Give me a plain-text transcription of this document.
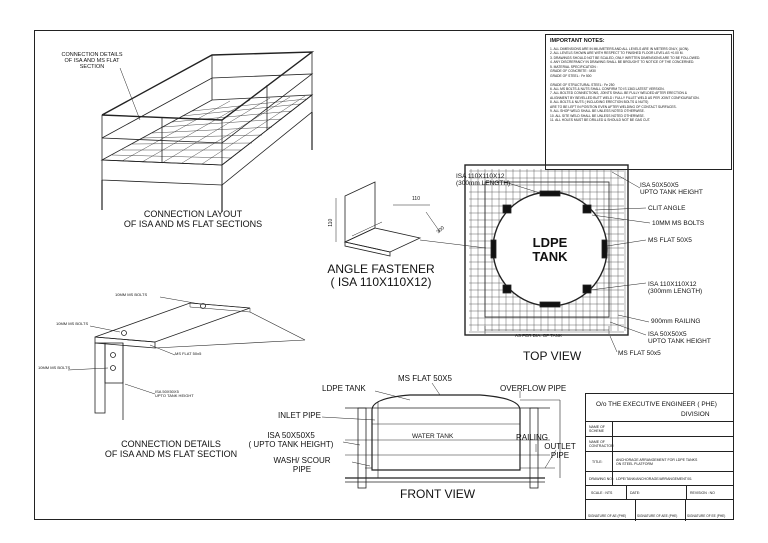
CONNECTION DETAILS
OF ISA AND MS FLAT SECTION
CONNECTION LAYOUT
OF ISA AND MS FLAT SECTIONS
110
110
300
ANGLE FASTENER
( ISA 110X110X12)
10MM MS BOLTS
10MM MS BOLTS
10MM MS BOLTS
MS FLAT 50x5
ISA 50X50X5
UPTO TANK HEIGHT
CONNECTION DETAILS
OF ISA AND MS FLAT SECTION
IMPORTANT NOTES:
1. ALL DIMENSIONS ARE IN MILIMETERS AND ALL LEVELS ARE IN METERS ONLY, (UON).
2. ALL LEVELS SHOWN ARE WITH RESPECT TO FINISHED FLOOR LEVEL AS +0.00 M.
3. DRAWINGS SHOULD NOT BE SCALED, ONLY WRITTEN DIMENSIONS ARE TO BE FOLLOWED.
4. ANY DISCREPANCY IN DRAWING SHALL BE BROUGHT TO NOTICE OF THE CONCERNED.
5. MATERIAL SPECIFICATION :
GRADE OF CONCRETE : M30
GRADE OF STEEL : Fe 500

GRADE OF STRUCTURAL STEEL : Fe 250
6. ALL MS BOLTS & NUTS SHALL CONFIRM TO IS 1363 LATEST VERSION.
7. ALL BOLTED CONNECTIONS, JOINTS SHALL BE FULLY WELDED AFTER ERECTION &
ALIGNMENT BY BEVELLED BUTT WELD / FULLY FILLET WELD AS PER JOINT CONFIGURATION.
8. ALL BOLTS & NUTS ( INCLUDING ERECTION BOLTS & NUTS)
ARE TO BE LEFT IN POSITION EVEN AFTER WELDING OF CONTACT SURFACES.
9. ALL SHOP WELD SHALL BE UNLESS NOTED OTHERWISE.
10. ALL SITE WELD SHALL BE UNLESS NOTED OTHERWISE.
11. ALL HOLES MUST BE DRILLED & SHOULD NOT BE GAS CUT.
ISA 110X110X12
(300mm LENGTH)	ISA 50X50X5
UPTO TANK HEIGHT
CLIT ANGLE
10MM MS BOLTS
MS FLAT 50X5
LDPE
TANK
ISA 110X110X12
(300mm LENGTH)
900mm RAILING
ISA 50X50X5
UPTO TANK HEIGHT
MS FLAT 50x5
AS PER DIA. OF TANK
TOP VIEW
LDPE TANK
MS FLAT 50X5
OVERFLOW PIPE
INLET PIPE
WATER TANK	RAILING
ISA 50X50X5
( UPTO TANK HEIGHT)	OUTLET
PIPE
WASH/ SCOUR
PIPE
FRONT VIEW
O/o THE EXECUTIVE ENGINEER ( PHE)
DIVISION
NAME OF
SCHEME
NAME OF
CONTRACTOR
TITLE:	ANCHORAGE ARRANGEMENT FOR LDPE TANKS
ON STEEL PLATFORM
DRAWING NO.: LDPE/TANK/ANCHORAGE/ARRANGEMENT/01
SCALE : NTS	DATE:	REVISION : NO
SIGNATURE OF AE (PHE)	SIGNATURE OF AEE (PHE)	SIGNATURE OF EE (PHE)
